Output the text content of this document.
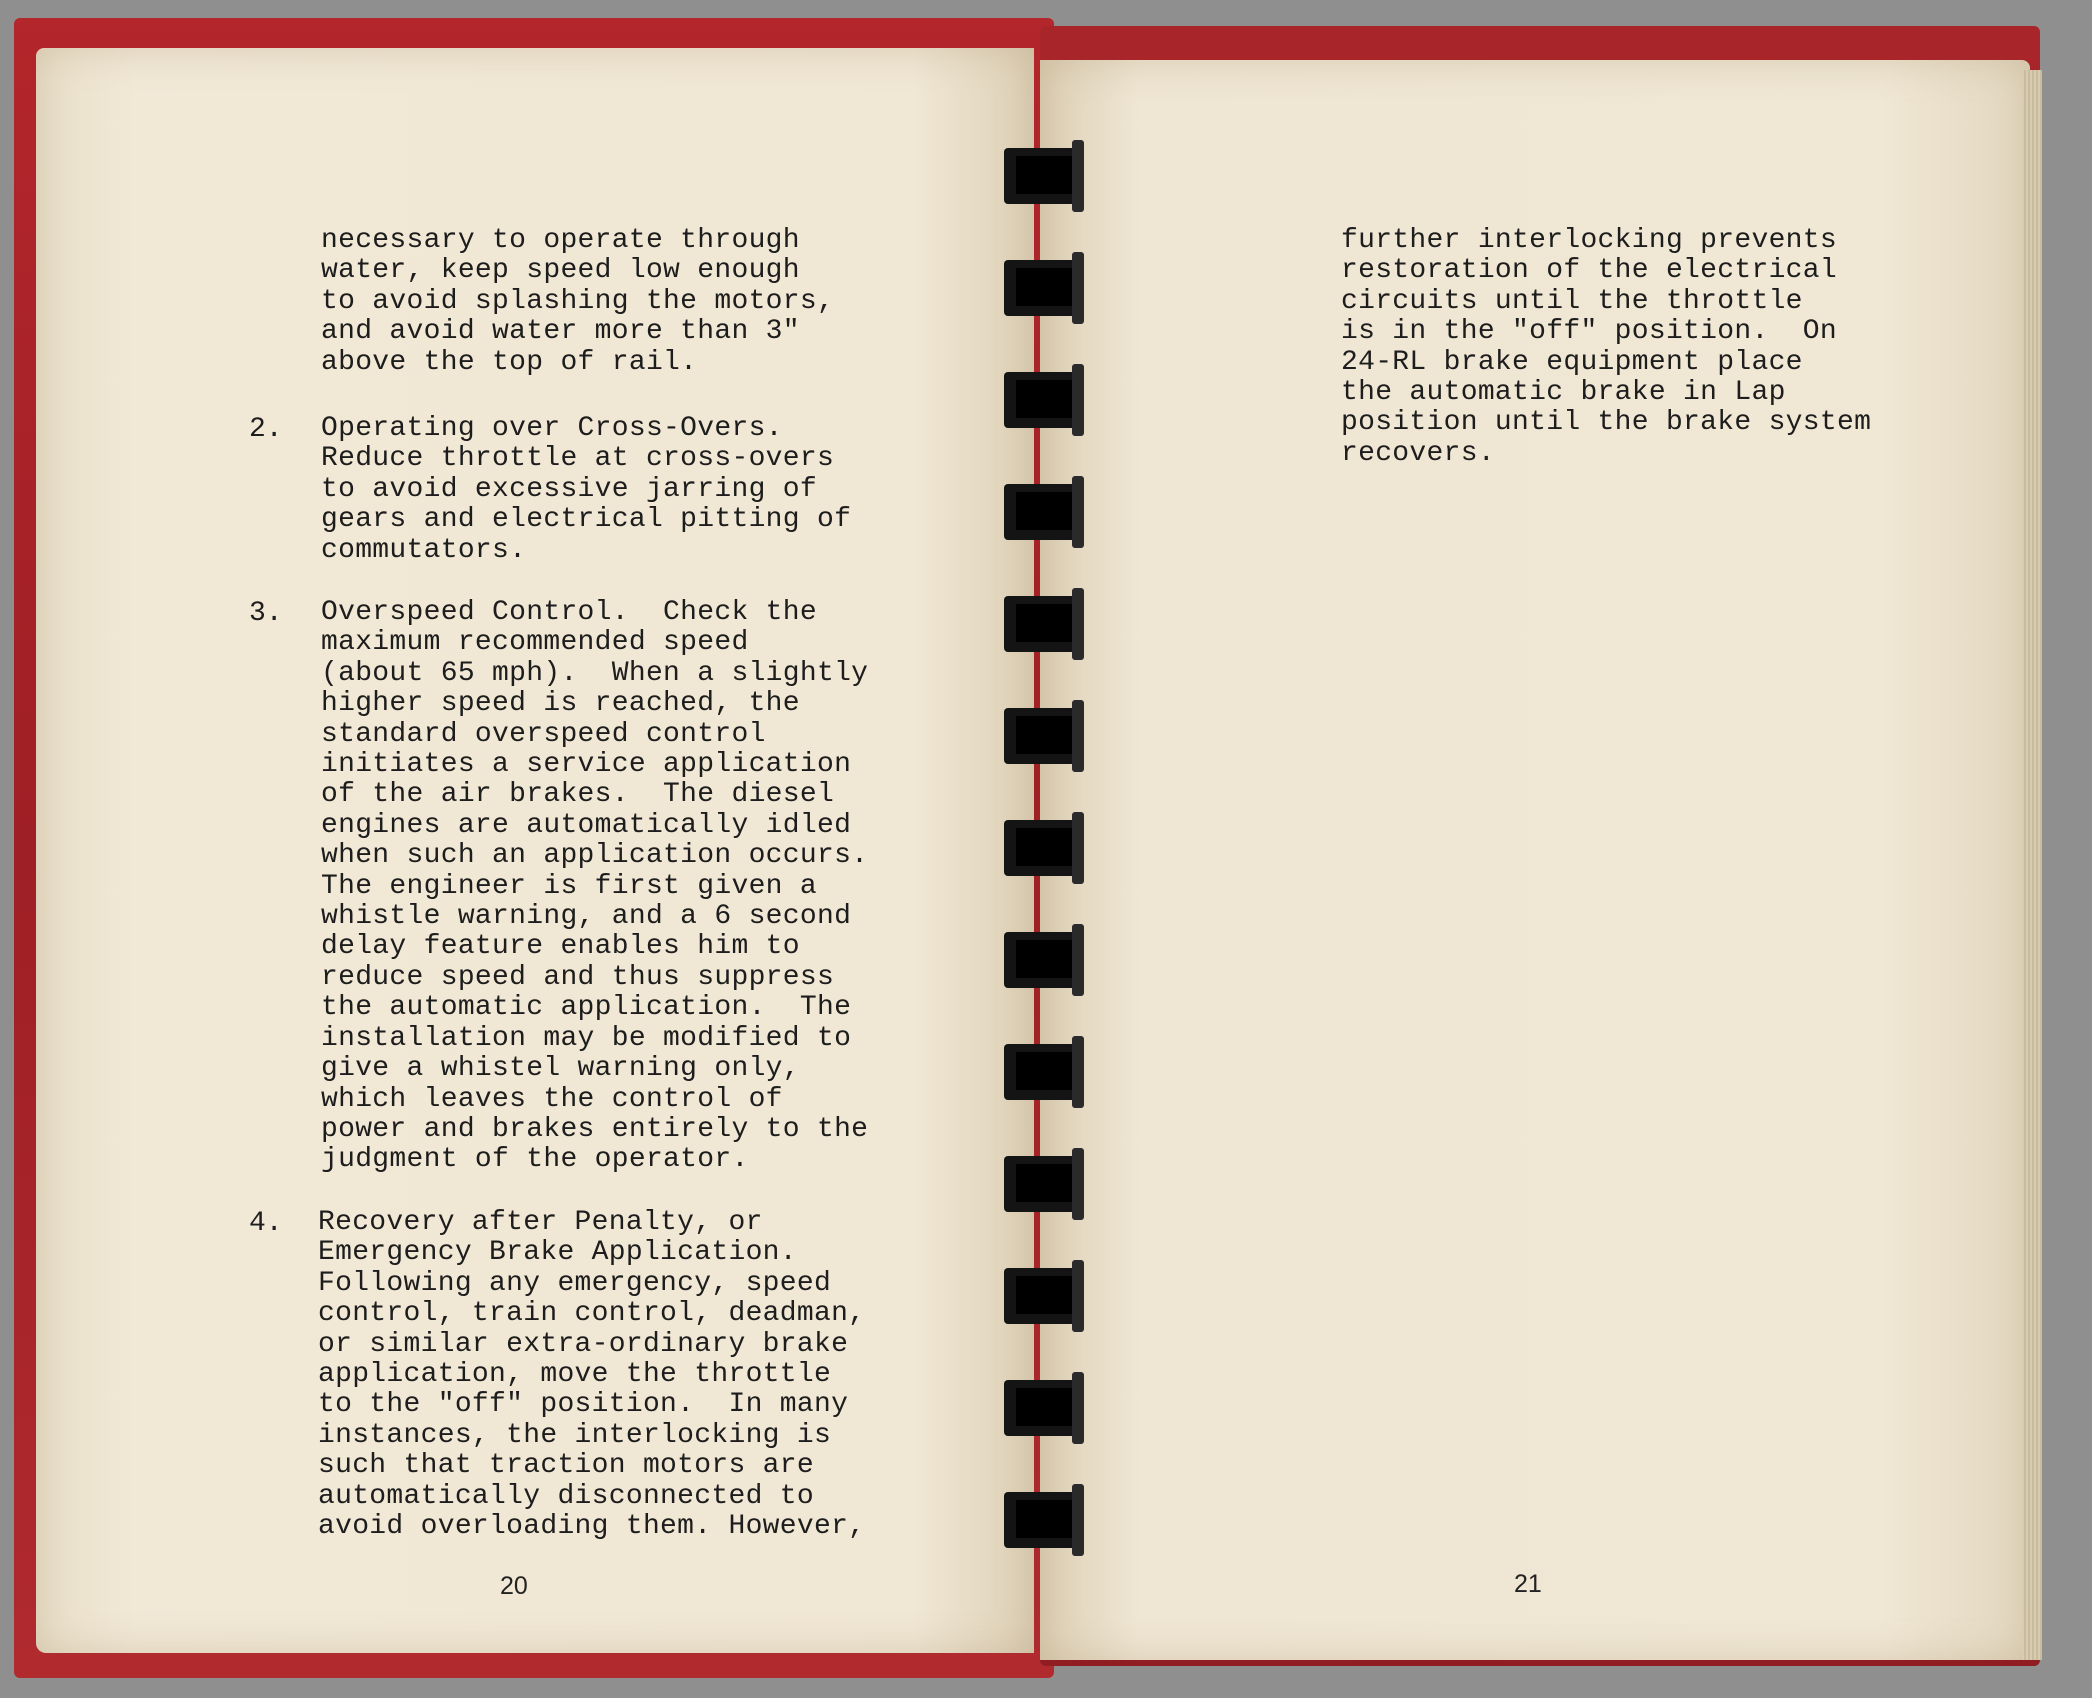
necessary to operate through
water, keep speed low enough
to avoid splashing the motors,
and avoid water more than 3"
above the top of rail.
2. Operating over Cross-Overs.
Reduce throttle at cross-overs
to avoid excessive jarring of
gears and electrical pitting of
commutators.
3. Overspeed Control.  Check the
maximum recommended speed
(about 65 mph).  When a slightly
higher speed is reached, the
standard overspeed control
initiates a service application
of the air brakes.  The diesel
engines are automatically idled
when such an application occurs.
The engineer is first given a
whistle warning, and a 6 second
delay feature enables him to
reduce speed and thus suppress
the automatic application.  The
installation may be modified to
give a whistel warning only,
which leaves the control of
power and brakes entirely to the
judgment of the operator.
4. Recovery after Penalty, or
Emergency Brake Application.
Following any emergency, speed
control, train control, deadman,
or similar extra-ordinary brake
application, move the throttle
to the "off" position.  In many
instances, the interlocking is
such that traction motors are
automatically disconnected to
avoid overloading them. However,
20
further interlocking prevents
restoration of the electrical
circuits until the throttle
is in the "off" position.  On
24-RL brake equipment place
the automatic brake in Lap
position until the brake system
recovers.
21
